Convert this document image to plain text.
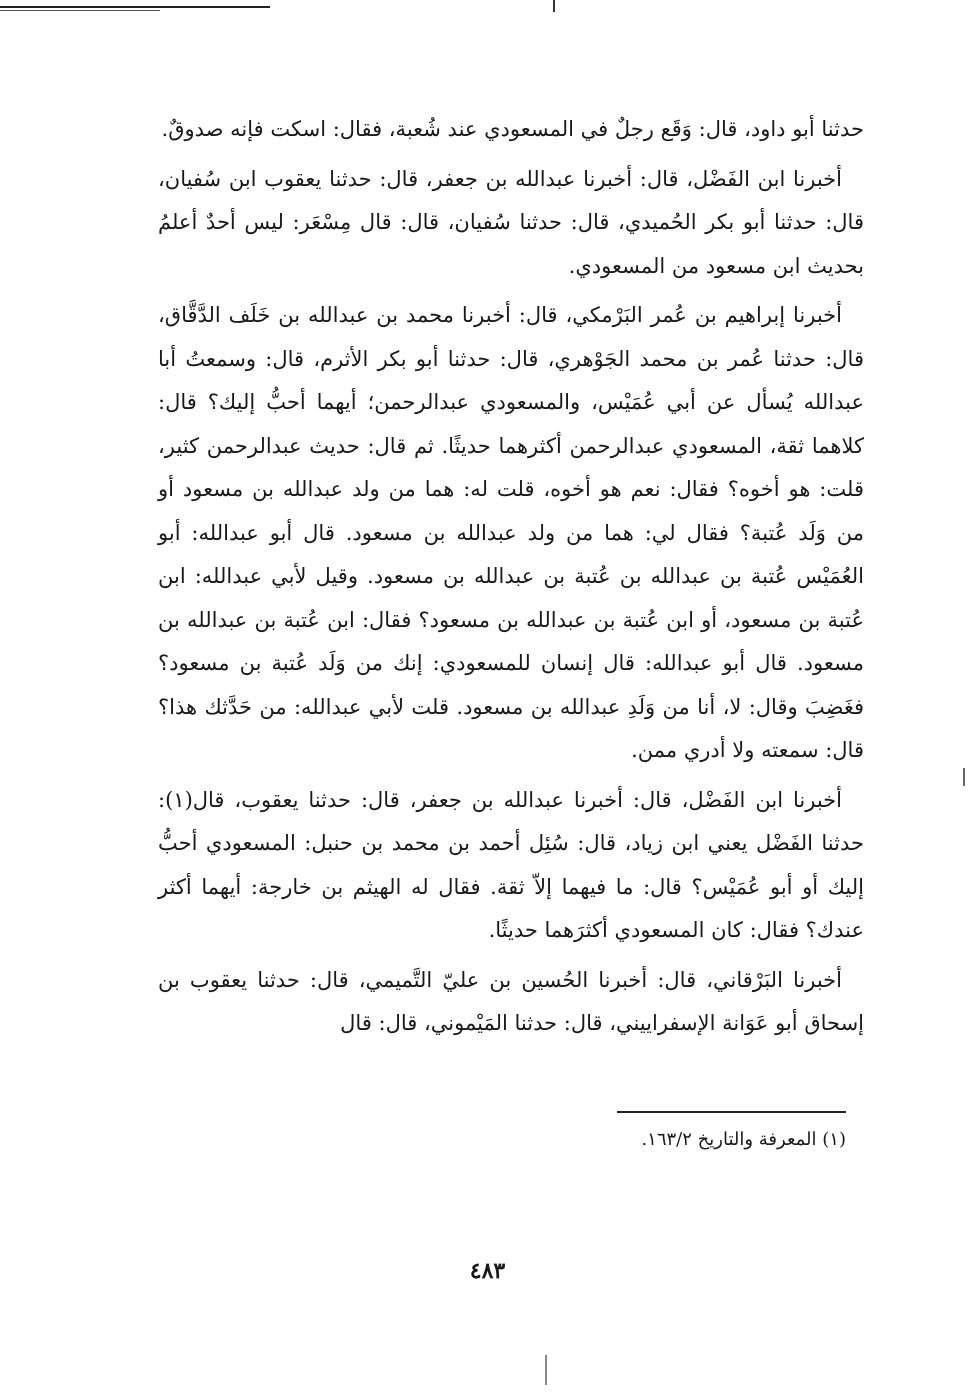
حدثنا أبو داود، قال: وَقَع رجلٌ في المسعودي عند شُعبة، فقال: اسكت فإنه صدوقٌ.

أخبرنا ابن الفَضْل، قال: أخبرنا عبدالله بن جعفر، قال: حدثنا يعقوب ابن سُفيان، قال: حدثنا أبو بكر الحُميدي، قال: حدثنا سُفيان، قال: قال مِسْعَر: ليس أحدٌ أعلمُ بحديث ابن مسعود من المسعودي.

أخبرنا إبراهيم بن عُمر البَرْمكي، قال: أخبرنا محمد بن عبدالله بن خَلَف الدَّقَّاق، قال: حدثنا عُمر بن محمد الجَوْهري، قال: حدثنا أبو بكر الأثرم، قال: وسمعتُ أبا عبدالله يُسأل عن أبي عُمَيْس، والمسعودي عبدالرحمن؛ أيهما أحبُّ إليك؟ قال: كلاهما ثقة، المسعودي عبدالرحمن أكثرهما حديثًا. ثم قال: حديث عبدالرحمن كثير، قلت: هو أخوه؟ فقال: نعم هو أخوه، قلت له: هما من ولد عبدالله بن مسعود أو من وَلَد عُتبة؟ فقال لي: هما من ولد عبدالله بن مسعود. قال أبو عبدالله: أبو العُمَيْس عُتبة بن عبدالله بن عُتبة بن عبدالله بن مسعود. وقيل لأبي عبدالله: ابن عُتبة بن مسعود، أو ابن عُتبة بن عبدالله بن مسعود؟ فقال: ابن عُتبة بن عبدالله بن مسعود. قال أبو عبدالله: قال إنسان للمسعودي: إنك من وَلَد عُتبة بن مسعود؟ فغَضِبَ وقال: لا، أنا من وَلَدِ عبدالله بن مسعود. قلت لأبي عبدالله: من حَدَّثك هذا؟ قال: سمعته ولا أدري ممن.

أخبرنا ابن الفَضْل، قال: أخبرنا عبدالله بن جعفر، قال: حدثنا يعقوب، قال(١): حدثنا الفَضْل يعني ابن زياد، قال: سُئِل أحمد بن محمد بن حنبل: المسعودي أحبُّ إليك أو أبو عُمَيْس؟ قال: ما فيهما إلاّ ثقة. فقال له الهيثم بن خارجة: أيهما أكثر عندك؟ فقال: كان المسعودي أكثرَهما حديثًا.

أخبرنا البَرْقاني، قال: أخبرنا الحُسين بن عليّ التَّميمي، قال: حدثنا يعقوب بن إسحاق أبو عَوَانة الإسفراييني، قال: حدثنا المَيْموني، قال: قال

(١) المعرفة والتاريخ ١٦٣/٢.
٤٨٣
